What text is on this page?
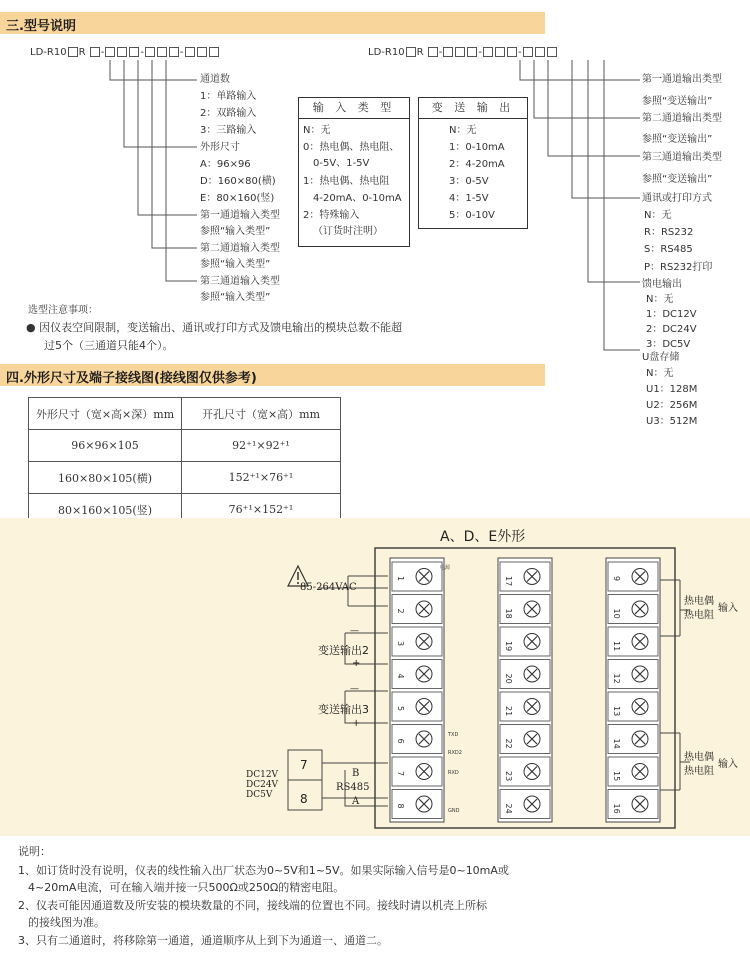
三.型号说明
LD-R10 R -	-	-	LD-R10 R -	-	-
通道数
1：单路输入
2：双路输入
3：三路输入
外形尺寸
A：96×96
D：160×80(横)
E：80×160(竖)
第一通道输入类型
参照“输入类型”
第二通道输入类型
参照“输入类型”
第三通道输入类型
参照“输入类型”
输 入 类 型
N：无
0：热电偶、热电阻、
0-5V、1-5V
1：热电偶、热电阻
4-20mA、0-10mA
2：特殊输入
（订货时注明）
变 送 输 出
N：无
1：0-10mA
2：4-20mA
3：0-5V
4：1-5V
5：0-10V
第一通道输出类型
参照“变送输出”
第二通道输出类型
参照“变送输出”
第三通道输出类型
参照“变送输出”
通讯或打印方式
N：无
R：RS232
S：RS485
P：RS232打印
馈电输出
N：无
1：DC12V
2：DC24V
3：DC5V
U盘存储
N：无
U1：128M
U2：256M
U3：512M
选型注意事项：
● 因仪表空间限制，变送输出、通讯或打印方式及馈电输出的模块总数不能超
过5个（三通道只能4个）。
四.外形尺寸及端子接线图(接线图仅供参考)
外形尺寸（宽×高×深）mm	开孔尺寸（宽×高）mm
96×96×105	92⁺¹×92⁺¹
160×80×105(横)	152⁺¹×76⁺¹
80×160×105(竖)	76⁺¹×152⁺¹
A、D、E外形
1
2
3
4
5
6
7
8
17
18
19
20
21
22
23
24
9
10
11
12
13
14
15
16
85-264VAC
变送输出2
变送输出3
—
+
—
+
DC12V
DC24V
DC5V
7
8
B
RS485
A
热电偶
热电阻
输入
热电偶
热电阻
输入
电源
TXD
RXD2
RXD
GND
说明：
1、如订货时没有说明，仪表的线性输入出厂状态为0~5V和1~5V。如果实际输入信号是0~10mA或
4~20mA电流，可在输入端并接一只500Ω或250Ω的精密电阻。
2、仪表可能因通道数及所安装的模块数量的不同，接线端的位置也不同。接线时请以机壳上所标
的接线图为准。
3、只有二通道时，将移除第一通道，通道顺序从上到下为通道一、通道二。
